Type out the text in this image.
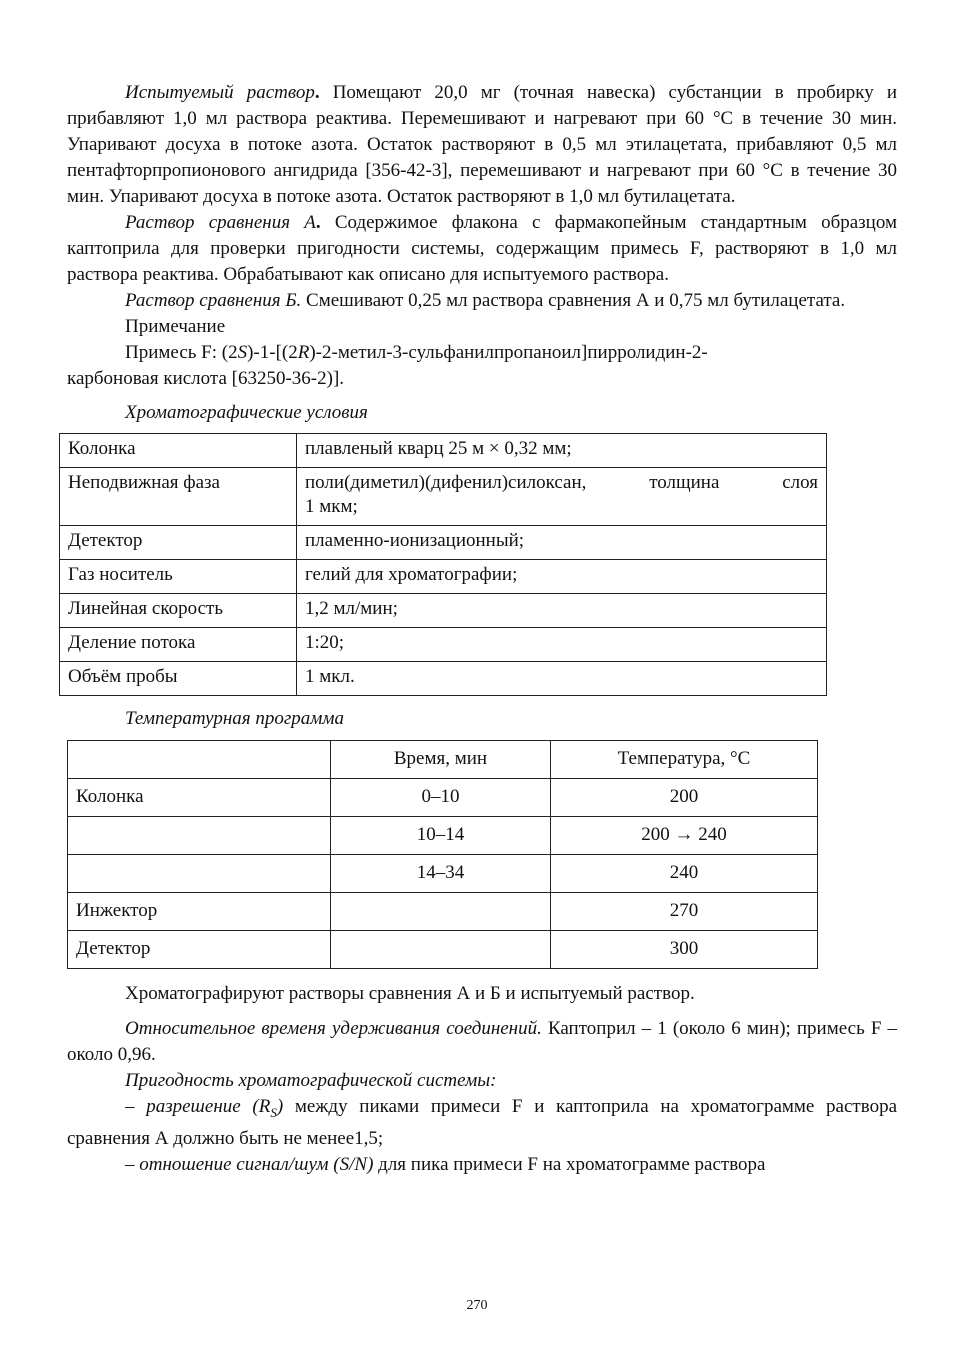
Испытуемый раствор. Помещают 20,0 мг (точная навеска) субстанции в пробирку и прибавляют 1,0 мл раствора реактива. Перемешивают и нагревают при 60 °С в течение 30 мин. Упаривают досуха в потоке азота. Остаток растворяют в 0,5 мл этилацетата, прибавляют 0,5 мл пентафторпропионового ангидрида [356-42-3], перемешивают и нагревают при 60 °С в течение 30 мин. Упаривают досуха в потоке азота. Остаток растворяют в 1,0 мл бутилацетата.

Раствор сравнения А. Содержимое флакона с фармакопейным стандартным образцом каптоприла для проверки пригодности системы, содержащим примесь F, растворяют в 1,0 мл раствора реактива. Обрабатывают как описано для испытуемого раствора.

Раствор сравнения Б. Смешивают 0,25 мл раствора сравнения А и 0,75 мл бутилацетата.

Примечание

Примесь F: (2S)-1-[(2R)-2-метил-3-сульфанилпропаноил]пирролидин-2-

карбоновая кислота [63250-36-2)].

Хроматографические условия
Колонка	плавленый кварц 25 м × 0,32 мм;
Неподвижная фаза	поли(диметил)(дифенил)силоксан, толщина слоя
1 мкм;

Детектор	пламенно-ионизационный;
Газ носитель	гелий для хроматографии;
Линейная скорость	1,2 мл/мин;
Деление потока	1:20;
Объём пробы	1 мкл.
Температурная программа
	Время, мин	Температура, °С
Колонка	0–10	200
	10–14	200 → 240
	14–34	240
Инжектор		270
Детектор		300

Хроматографируют растворы сравнения А и Б и испытуемый раствор.

Относительное временя удерживания соединений. Каптоприл – 1 (около 6 мин); примесь F – около 0,96.

Пригодность хроматографической системы:

– разрешение $(R_S)$ между пиками примеси F и каптоприла на хроматограмме раствора сравнения А должно быть не менее1,5;

– отношение сигнал/шум (S/N) для пика примеси F на хроматограмме раствора

270
